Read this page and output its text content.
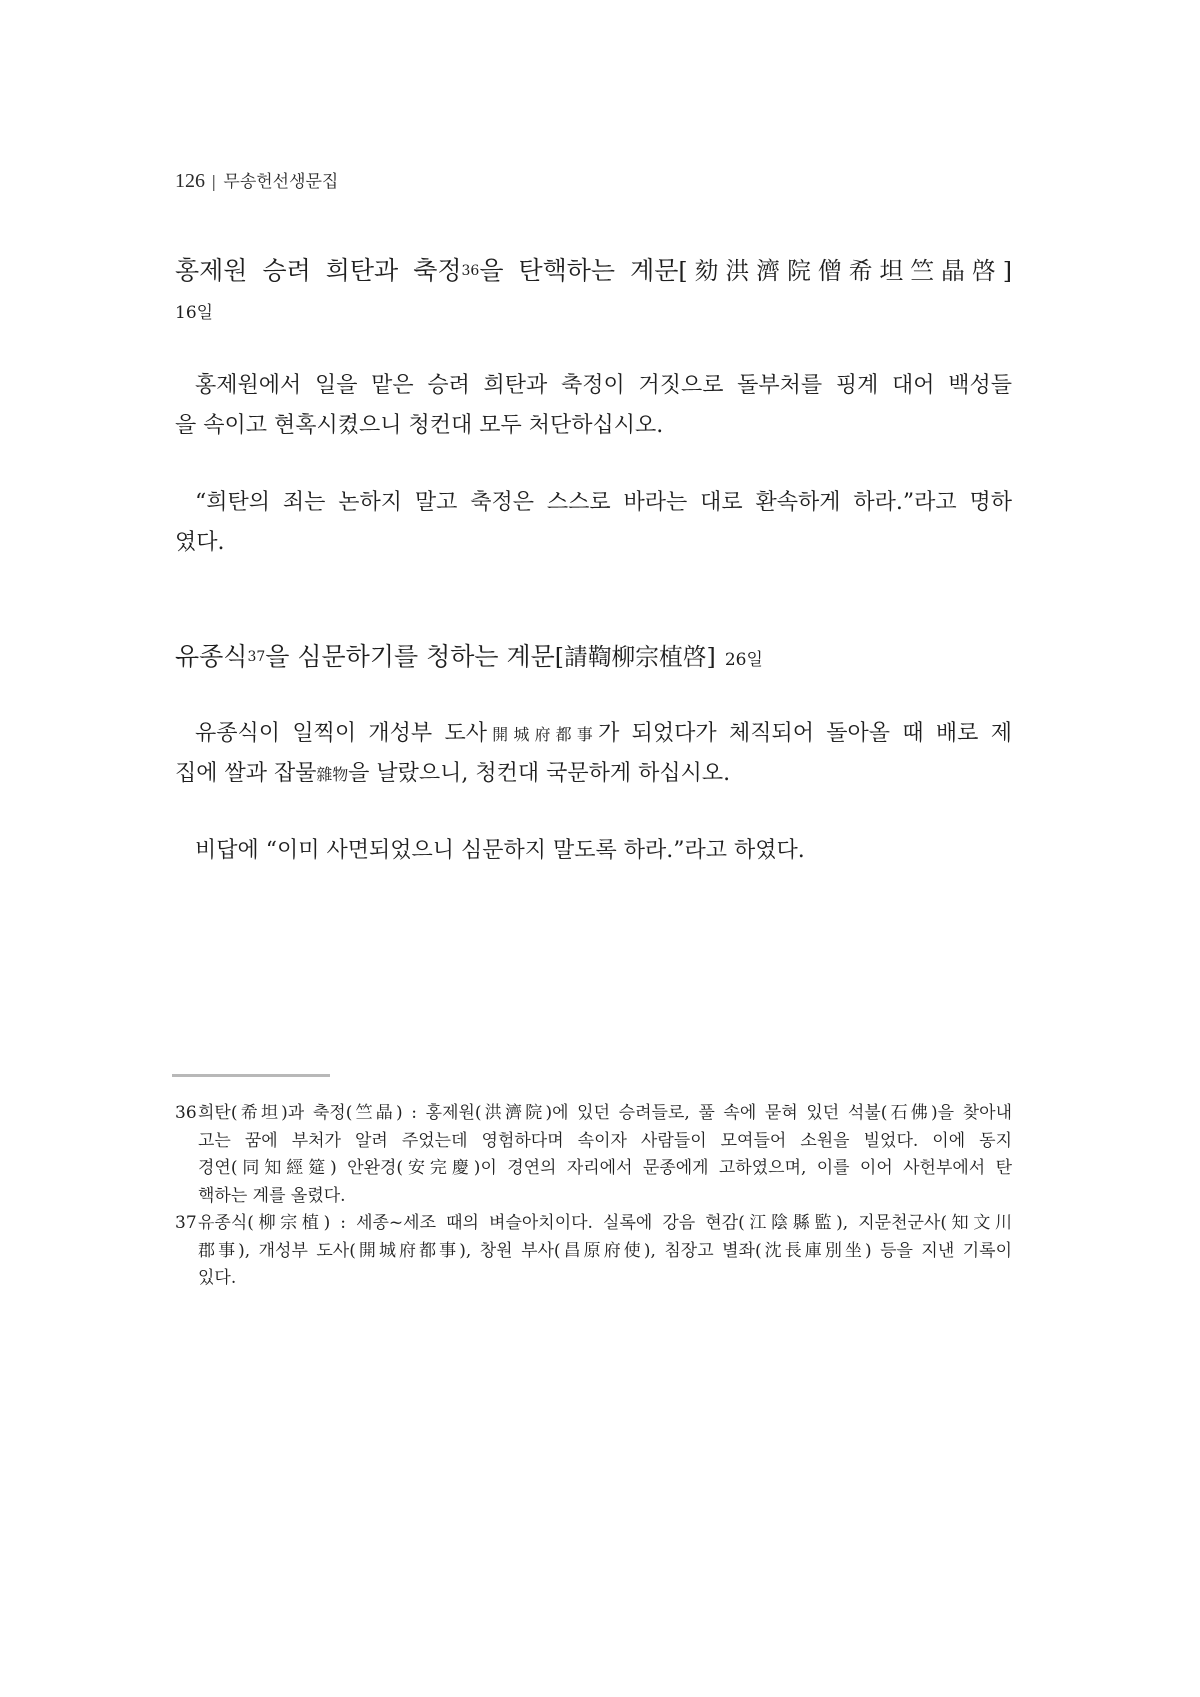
126 | 무송헌선생문집
홍제원 승려 희탄과 축정36을 탄핵하는 계문[劾洪濟院僧希坦竺晶啓]
16일
홍제원에서 일을 맡은 승려 희탄과 축정이 거짓으로 돌부처를 핑계 대어 백성들
을 속이고 현혹시켰으니 청컨대 모두 처단하십시오.
“희탄의 죄는 논하지 말고 축정은 스스로 바라는 대로 환속하게 하라.”라고 명하
였다.
유종식37을 심문하기를 청하는 계문[請鞫柳宗植啓] 26일
유종식이 일찍이 개성부 도사開城府都事가 되었다가 체직되어 돌아올 때 배로 제
집에 쌀과 잡물雜物을 날랐으니, 청컨대 국문하게 하십시오.
비답에 “이미 사면되었으니 심문하지 말도록 하라.”라고 하였다.
36 희탄(希坦)과 축정(竺晶) : 홍제원(洪濟院)에 있던 승려들로, 풀 속에 묻혀 있던 석불(石佛)을 찾아내
고는 꿈에 부처가 알려 주었는데 영험하다며 속이자 사람들이 모여들어 소원을 빌었다. 이에 동지
경연(同知經筵) 안완경(安完慶)이 경연의 자리에서 문종에게 고하였으며, 이를 이어 사헌부에서 탄
핵하는 계를 올렸다.
37 유종식(柳宗植) : 세종~세조 때의 벼슬아치이다. 실록에 강음 현감(江陰縣監), 지문천군사(知文川
郡事), 개성부 도사(開城府都事), 창원 부사(昌原府使), 침장고 별좌(沈長庫別坐) 등을 지낸 기록이
있다.
